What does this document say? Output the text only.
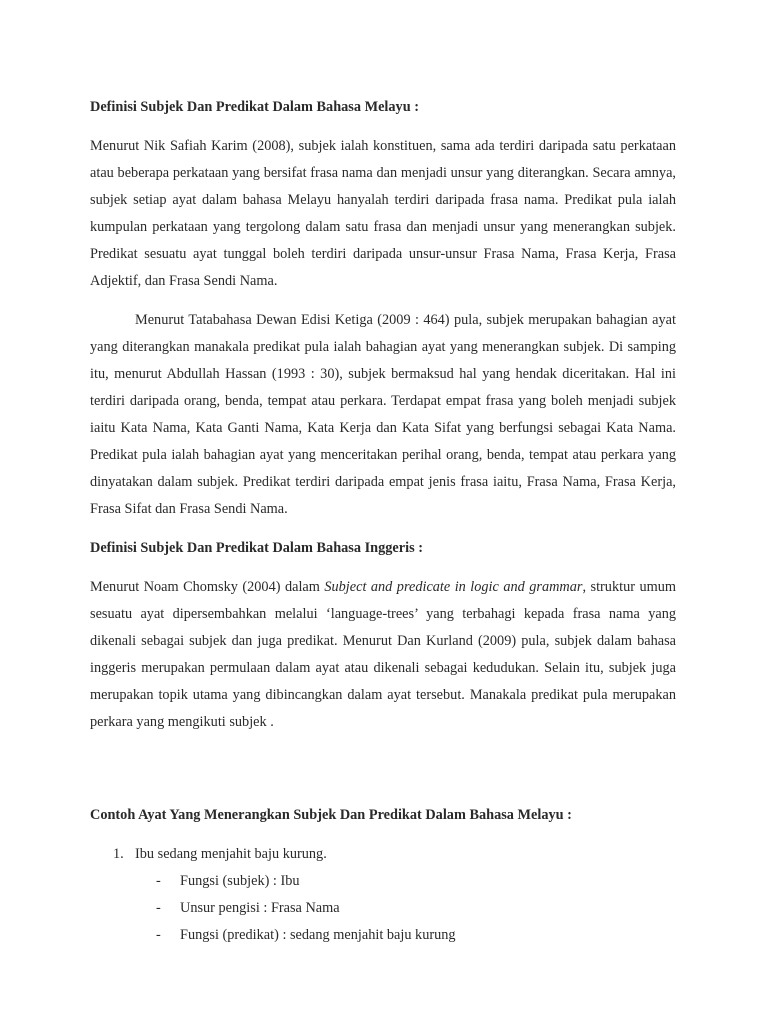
Definisi Subjek Dan Predikat Dalam Bahasa Melayu :

Menurut Nik Safiah Karim (2008), subjek ialah konstituen, sama ada terdiri daripada satu perkataan atau beberapa perkataan yang bersifat frasa nama dan menjadi unsur yang diterangkan. Secara amnya, subjek setiap ayat dalam bahasa Melayu hanyalah terdiri daripada frasa nama. Predikat pula ialah kumpulan perkataan yang tergolong dalam satu frasa dan menjadi unsur yang menerangkan subjek. Predikat sesuatu ayat tunggal boleh terdiri daripada unsur-unsur Frasa Nama, Frasa Kerja, Frasa Adjektif, dan Frasa Sendi Nama.

Menurut Tatabahasa Dewan Edisi Ketiga (2009 : 464) pula, subjek merupakan bahagian ayat yang diterangkan manakala predikat pula ialah bahagian ayat yang menerangkan subjek. Di samping itu, menurut Abdullah Hassan (1993 : 30), subjek bermaksud hal yang hendak diceritakan. Hal ini terdiri daripada orang, benda, tempat atau perkara. Terdapat empat frasa yang boleh menjadi subjek iaitu Kata Nama, Kata Ganti Nama, Kata Kerja dan Kata Sifat yang berfungsi sebagai Kata Nama. Predikat pula ialah bahagian ayat yang menceritakan perihal orang, benda, tempat atau perkara yang dinyatakan dalam subjek. Predikat terdiri daripada empat jenis frasa iaitu, Frasa Nama, Frasa Kerja, Frasa Sifat dan Frasa Sendi Nama.

Definisi Subjek Dan Predikat Dalam Bahasa Inggeris :

Menurut Noam Chomsky (2004) dalam Subject and predicate in logic and grammar, struktur umum sesuatu ayat dipersembahkan melalui ‘language-trees’ yang terbahagi kepada frasa nama yang dikenali sebagai subjek dan juga predikat. Menurut Dan Kurland (2009) pula, subjek dalam bahasa inggeris merupakan permulaan dalam ayat atau dikenali sebagai kedudukan. Selain itu, subjek juga merupakan topik utama yang dibincangkan dalam ayat tersebut. Manakala predikat pula merupakan perkara yang mengikuti subjek .

Contoh Ayat Yang Menerangkan Subjek Dan Predikat Dalam Bahasa Melayu :

1. Ibu sedang menjahit baju kurung.
-	Fungsi (subjek) : Ibu
-	Unsur pengisi : Frasa Nama
-	Fungsi (predikat) : sedang menjahit baju kurung
